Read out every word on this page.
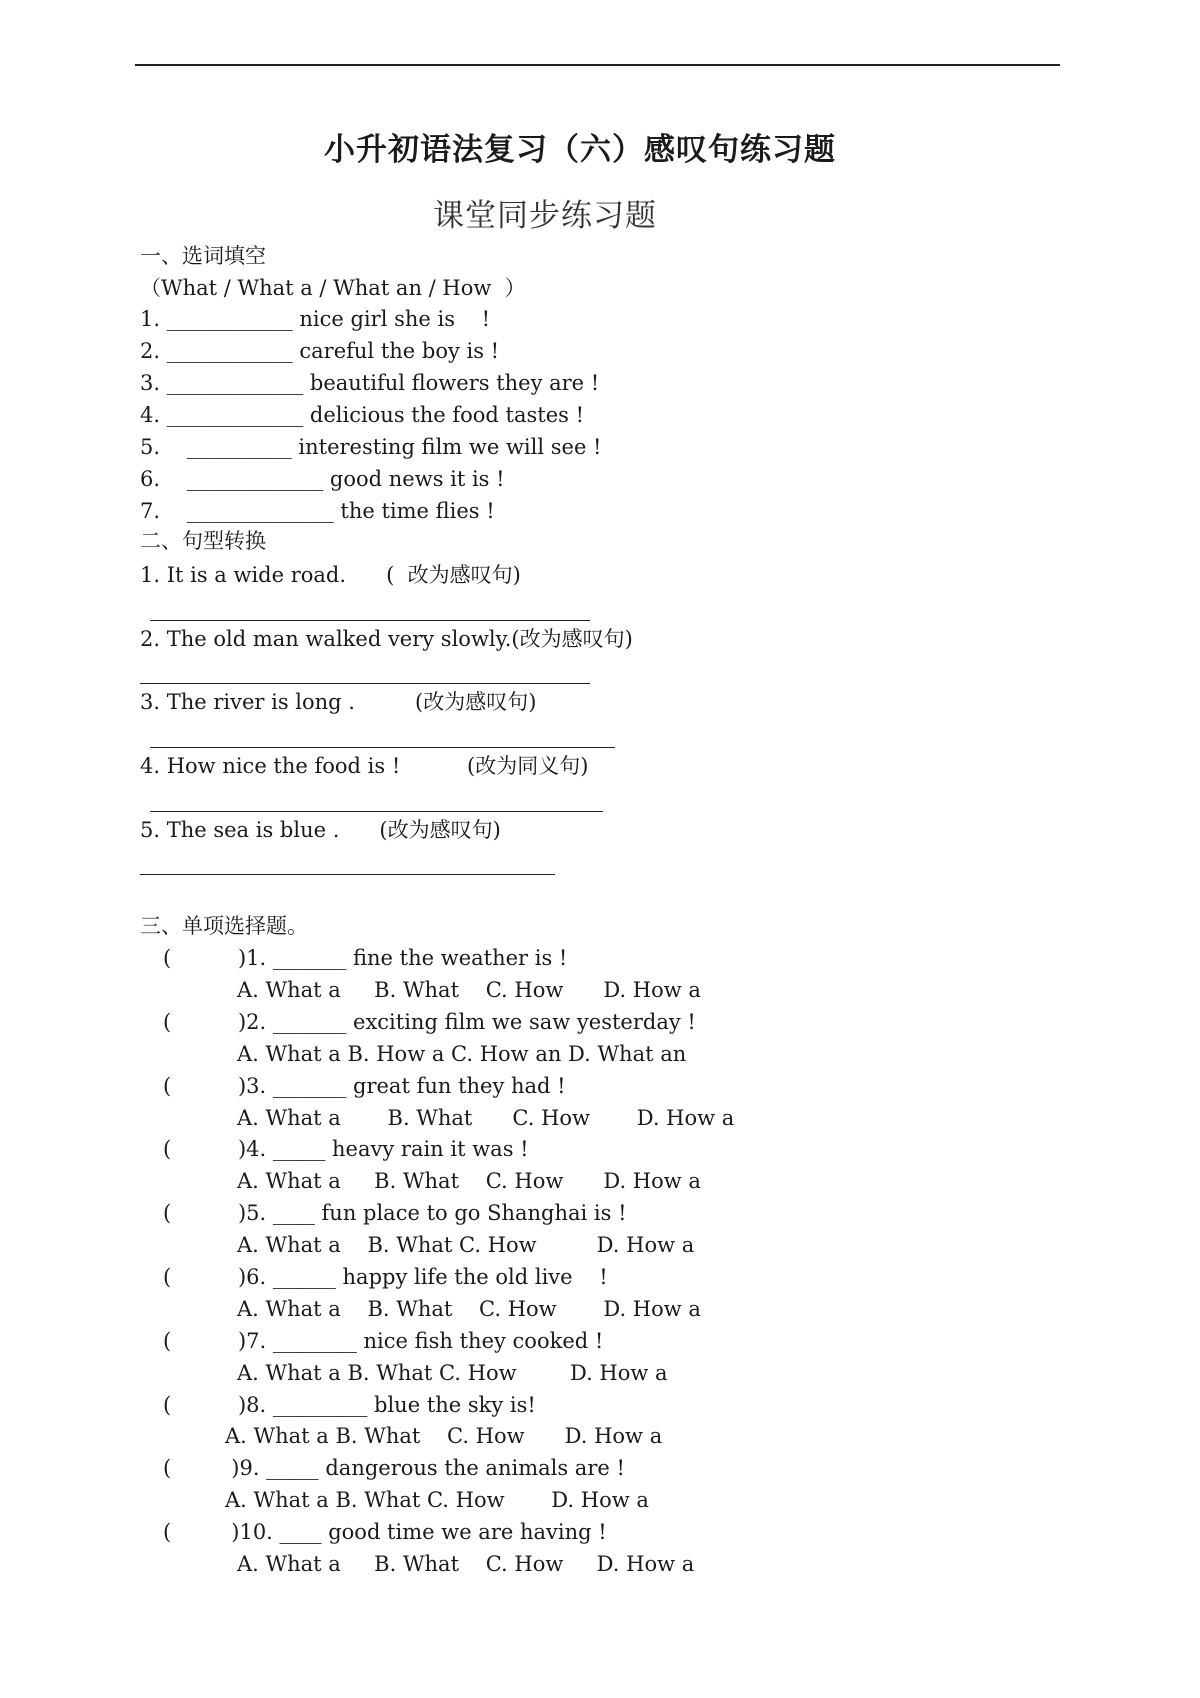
小升初语法复习（六）感叹句练习题
课堂同步练习题
一、选词填空
（What / What a / What an / How  ）
1. ____________ nice girl she is    !
2. ____________ careful the boy is !
3. _____________ beautiful flowers they are !
4. _____________ delicious the food tastes !
5.    __________ interesting film we will see !
6.    _____________ good news it is !
7.    ______________ the time flies !
二、句型转换
1. It is a wide road.      (  改为感叹句)
2. The old man walked very slowly.(改为感叹句)
3. The river is long .         (改为感叹句)
4. How nice the food is !          (改为同义句)
5. The sea is blue .      (改为感叹句)
三、单项选择题。
(          )1. _______ fine the weather is !
A. What a     B. What    C. How      D. How a
(          )2. _______ exciting film we saw yesterday !
A. What a B. How a C. How an D. What an
(          )3. _______ great fun they had !
A. What a       B. What      C. How       D. How a
(          )4. _____ heavy rain it was !
A. What a     B. What    C. How      D. How a
(          )5. ____ fun place to go Shanghai is !
A. What a    B. What C. How         D. How a
(          )6. ______ happy life the old live    !
A. What a    B. What    C. How       D. How a
(          )7. ________ nice fish they cooked !
A. What a B. What C. How        D. How a
(          )8. _________ blue the sky is!
A. What a B. What    C. How      D. How a
(         )9. _____ dangerous the animals are !
A. What a B. What C. How       D. How a
(         )10. ____ good time we are having !
A. What a     B. What    C. How     D. How a
